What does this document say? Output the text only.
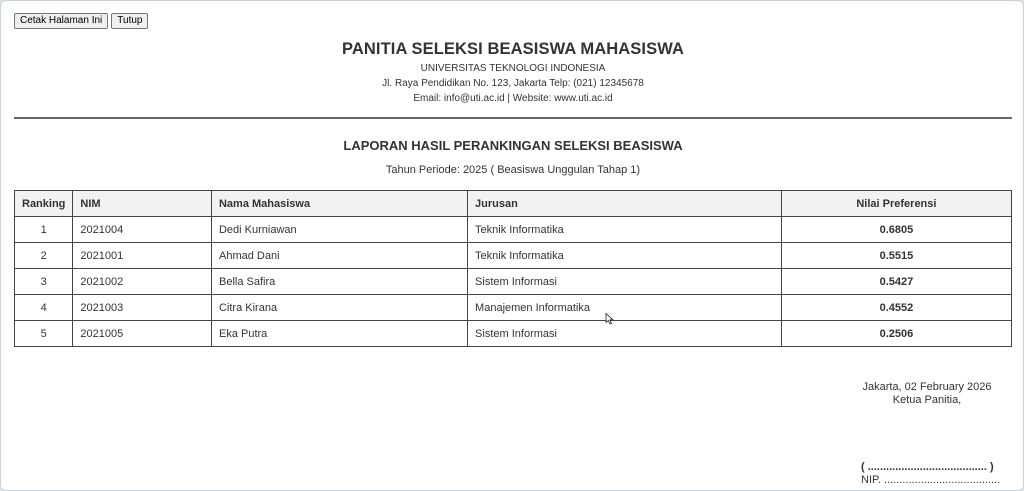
Cetak Halaman Ini	Tutup
PANITIA SELEKSI BEASISWA MAHASISWA
UNIVERSITAS TEKNOLOGI INDONESIA
Jl. Raya Pendidikan No. 123, Jakarta Telp: (021) 12345678
Email: info@uti.ac.id | Website: www.uti.ac.id
LAPORAN HASIL PERANKINGAN SELEKSI BEASISWA
Tahun Periode: 2025 ( Beasiswa Unggulan Tahap 1)
Ranking	NIM	Nama Mahasiswa	Jurusan	Nilai Preferensi
1	2021004	Dedi Kurniawan	Teknik Informatika	0.6805
2	2021001	Ahmad Dani	Teknik Informatika	0.5515
3	2021002	Bella Safira	Sistem Informasi	0.5427
4	2021003	Citra Kirana	Manajemen Informatika	0.4552
5	2021005	Eka Putra	Sistem Informasi	0.2506
Jakarta, 02 February 2026
Ketua Panitia,
( ....................................... )
NIP. ......................................
